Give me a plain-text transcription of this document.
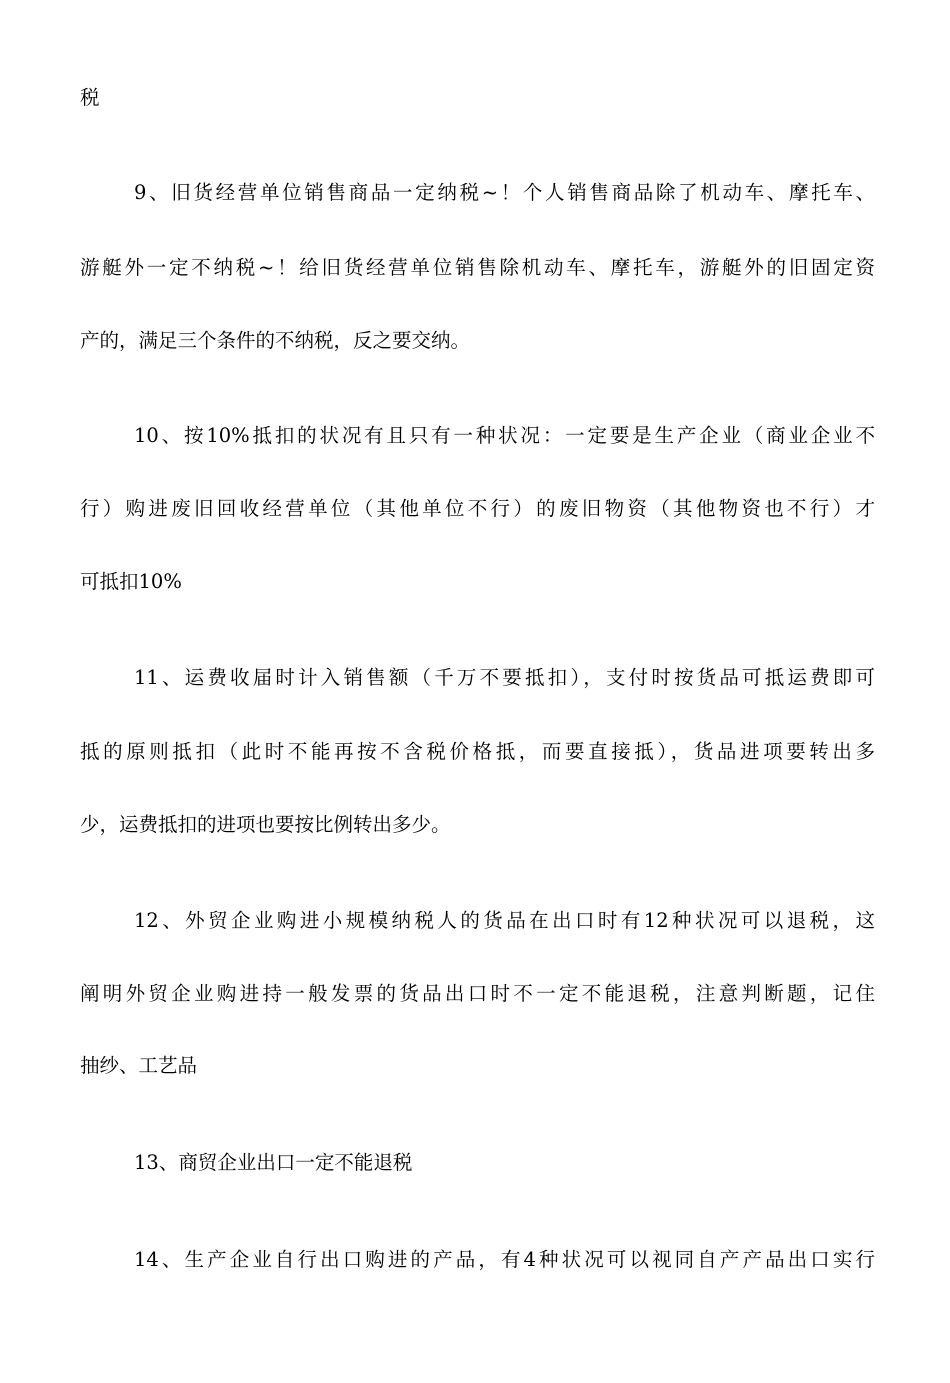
税
9、旧货经营单位销售商品一定纳税~！个人销售商品除了机动车、摩托车、
游艇外一定不纳税~！给旧货经营单位销售除机动车、摩托车，游艇外的旧固定资
产的，满足三个条件的不纳税，反之要交纳。
10、按10%抵扣的状况有且只有一种状况：一定要是生产企业（商业企业不
行）购进废旧回收经营单位（其他单位不行）的废旧物资（其他物资也不行）才
可抵扣10%
11、运费收届时计入销售额（千万不要抵扣），支付时按货品可抵运费即可
抵的原则抵扣（此时不能再按不含税价格抵，而要直接抵），货品进项要转出多
少，运费抵扣的进项也要按比例转出多少。
12、外贸企业购进小规模纳税人的货品在出口时有12种状况可以退税，这
阐明外贸企业购进持一般发票的货品出口时不一定不能退税，注意判断题，记住
抽纱、工艺品
13、商贸企业出口一定不能退税
14、生产企业自行出口购进的产品，有4种状况可以视同自产产品出口实行
